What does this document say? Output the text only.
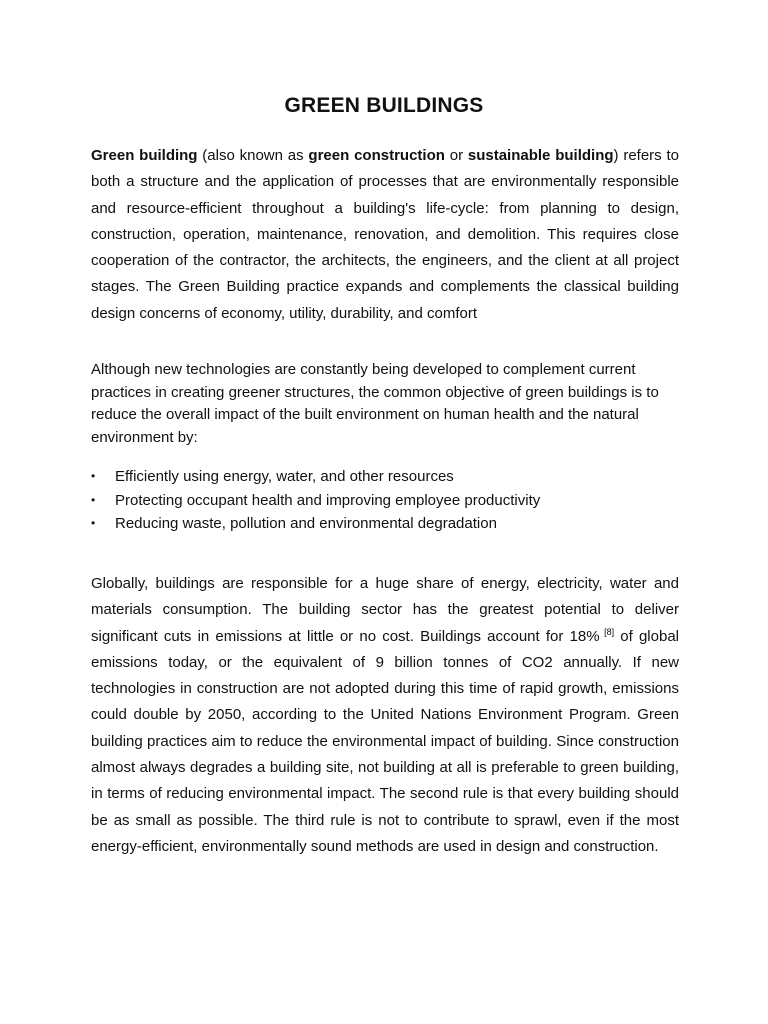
GREEN BUILDINGS

Green building (also known as green construction or sustainable building) refers to both a structure and the application of processes that are environmentally responsible and resource-efficient throughout a building's life-cycle: from planning to design, construction, operation, maintenance, renovation, and demolition. This requires close cooperation of the contractor, the architects, the engineers, and the client at all project stages. The Green Building practice expands and complements the classical building design concerns of economy, utility, durability, and comfort

Although new technologies are constantly being developed to complement current practices in creating greener structures, the common objective of green buildings is to reduce the overall impact of the built environment on human health and the natural environment by:

• Efficiently using energy, water, and other resources
• Protecting occupant health and improving employee productivity
• Reducing waste, pollution and environmental degradation

Globally, buildings are responsible for a huge share of energy, electricity, water and materials consumption. The building sector has the greatest potential to deliver significant cuts in emissions at little or no cost. Buildings account for 18% [8] of global emissions today, or the equivalent of 9 billion tonnes of CO2 annually. If new technologies in construction are not adopted during this time of rapid growth, emissions could double by 2050, according to the United Nations Environment Program. Green building practices aim to reduce the environmental impact of building. Since construction almost always degrades a building site, not building at all is preferable to green building, in terms of reducing environmental impact. The second rule is that every building should be as small as possible. The third rule is not to contribute to sprawl, even if the most energy-efficient, environmentally sound methods are used in design and construction.
